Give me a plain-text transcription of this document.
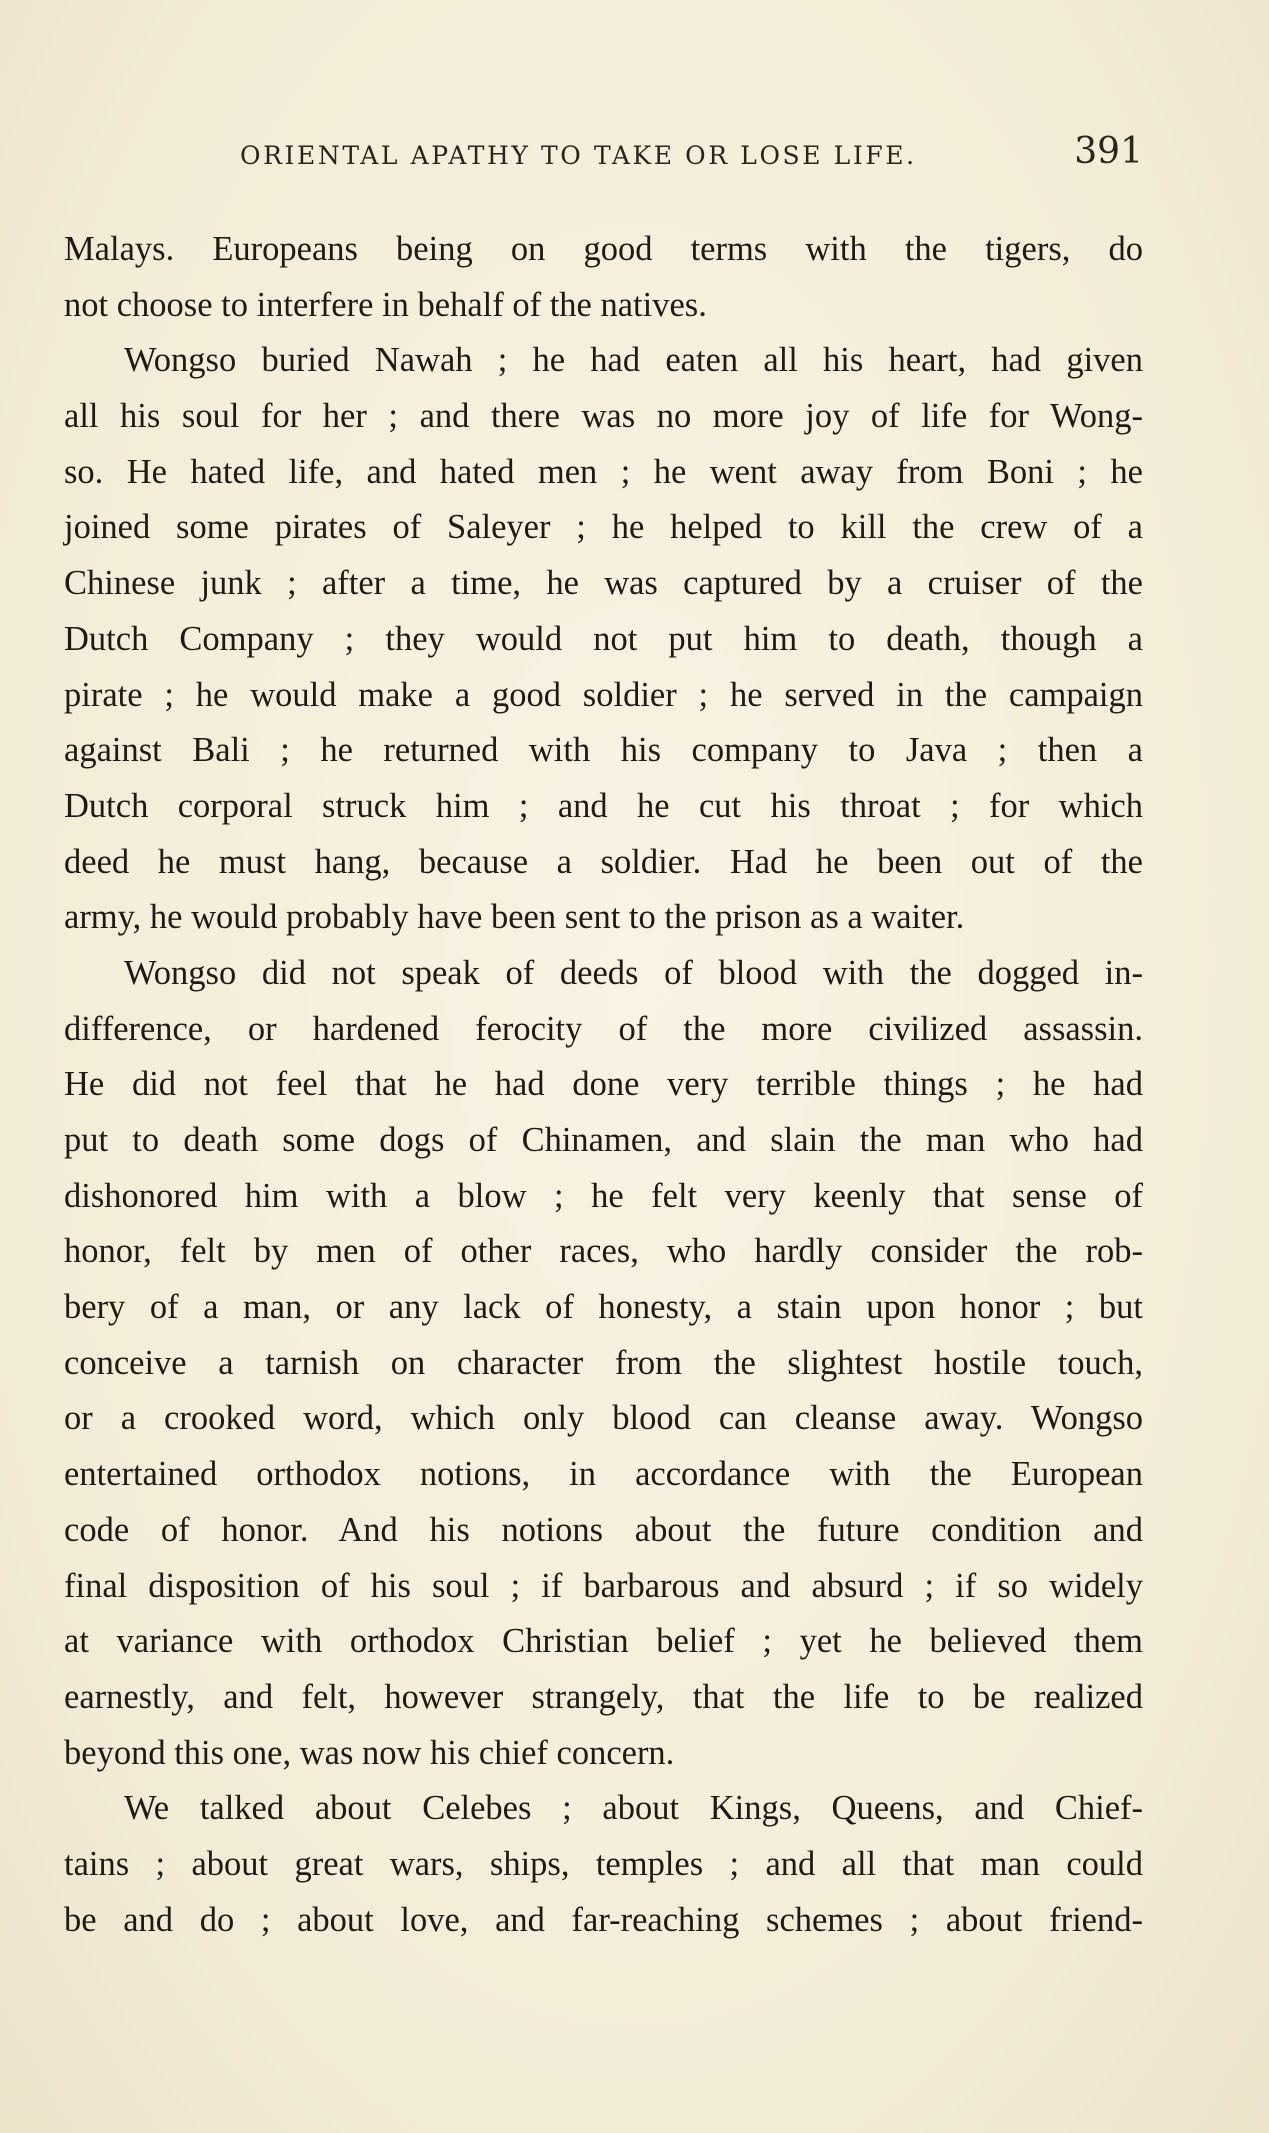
ORIENTAL APATHY TO TAKE OR LOSE LIFE.	391
Malays. Europeans being on good terms with the tigers, do
not choose to interfere in behalf of the natives.
Wongso buried Nawah ; he had eaten all his heart, had given
all his soul for her ; and there was no more joy of life for Wong-
so. He hated life, and hated men ; he went away from Boni ; he
joined some pirates of Saleyer ; he helped to kill the crew of a
Chinese junk ; after a time, he was captured by a cruiser of the
Dutch Company ; they would not put him to death, though a
pirate ; he would make a good soldier ; he served in the campaign
against Bali ; he returned with his company to Java ; then a
Dutch corporal struck him ; and he cut his throat ; for which
deed he must hang, because a soldier. Had he been out of the
army, he would probably have been sent to the prison as a waiter.
Wongso did not speak of deeds of blood with the dogged in-
difference, or hardened ferocity of the more civilized assassin.
He did not feel that he had done very terrible things ; he had
put to death some dogs of Chinamen, and slain the man who had
dishonored him with a blow ; he felt very keenly that sense of
honor, felt by men of other races, who hardly consider the rob-
bery of a man, or any lack of honesty, a stain upon honor ; but
conceive a tarnish on character from the slightest hostile touch,
or a crooked word, which only blood can cleanse away. Wongso
entertained orthodox notions, in accordance with the European
code of honor. And his notions about the future condition and
final disposition of his soul ; if barbarous and absurd ; if so widely
at variance with orthodox Christian belief ; yet he believed them
earnestly, and felt, however strangely, that the life to be realized
beyond this one, was now his chief concern.
We talked about Celebes ; about Kings, Queens, and Chief-
tains ; about great wars, ships, temples ; and all that man could
be and do ; about love, and far-reaching schemes ; about friend-
